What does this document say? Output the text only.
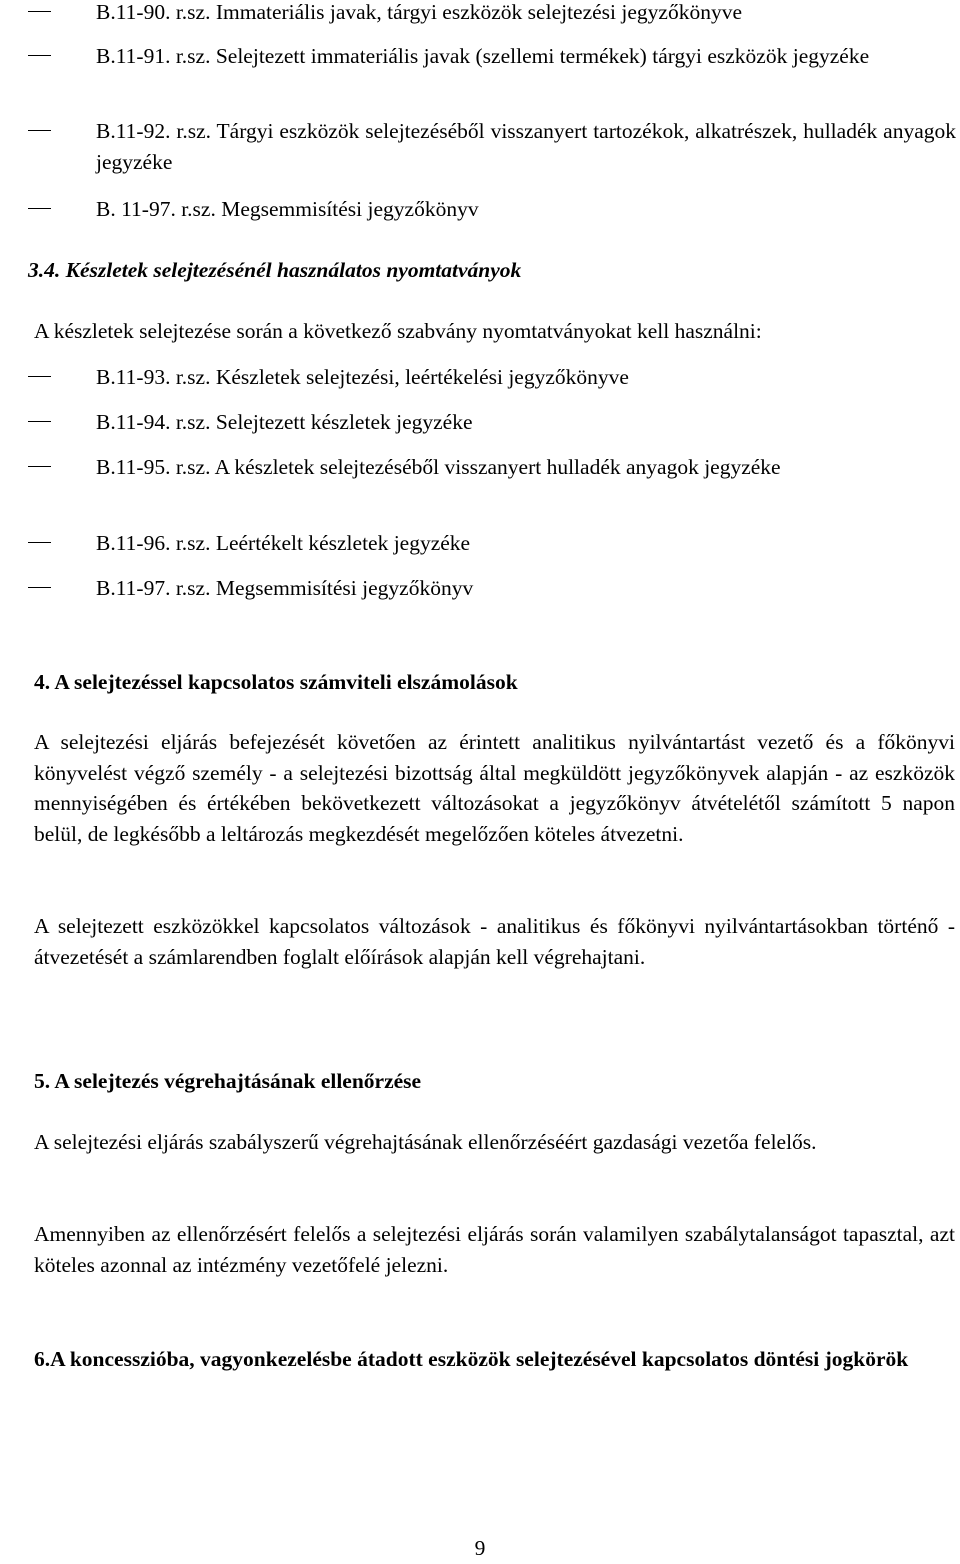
B.11-90. r.sz. Immateriális javak, tárgyi eszközök selejtezési jegyzőkönyve
B.11-91. r.sz. Selejtezett immateriális javak (szellemi termékek) tárgyi eszközök jegyzéke
B.11-92. r.sz. Tárgyi eszközök selejtezéséből visszanyert tartozékok, alkatrészek, hulladék anyagok jegyzéke
B. 11-97. r.sz. Megsemmisítési jegyzőkönyv
3.4. Készletek selejtezésénél használatos nyomtatványok
A készletek selejtezése során a következő szabvány nyomtatványokat kell használni:
B.11-93. r.sz. Készletek selejtezési, leértékelési jegyzőkönyve
B.11-94. r.sz. Selejtezett készletek jegyzéke
B.11-95. r.sz. A készletek selejtezéséből visszanyert hulladék anyagok jegyzéke
B.11-96. r.sz. Leértékelt készletek jegyzéke
B.11-97. r.sz. Megsemmisítési jegyzőkönyv
4. A selejtezéssel kapcsolatos számviteli elszámolások
A selejtezési eljárás befejezését követően az érintett analitikus nyilvántartást vezető és a főkönyvi könyvelést végző személy - a selejtezési bizottság által megküldött jegyzőkönyvek alapján - az eszközök mennyiségében és értékében bekövetkezett változásokat a jegyzőkönyv átvételétől számított 5 napon belül, de legkésőbb a leltározás megkezdését megelőzően köteles átvezetni.
A selejtezett eszközökkel kapcsolatos változások - analitikus és főkönyvi nyilvántartásokban történő - átvezetését a számlarendben foglalt előírások alapján kell végrehajtani.
5. A selejtezés végrehajtásának ellenőrzése
A selejtezési eljárás szabályszerű végrehajtásának ellenőrzéséért gazdasági vezetőa felelős.
Amennyiben az ellenőrzésért felelős a selejtezési eljárás során valamilyen szabálytalanságot tapasztal, azt köteles azonnal az intézmény vezetőfelé jelezni.
6.A koncesszióba, vagyonkezelésbe átadott eszközök selejtezésével kapcsolatos döntési jogkörök
9
